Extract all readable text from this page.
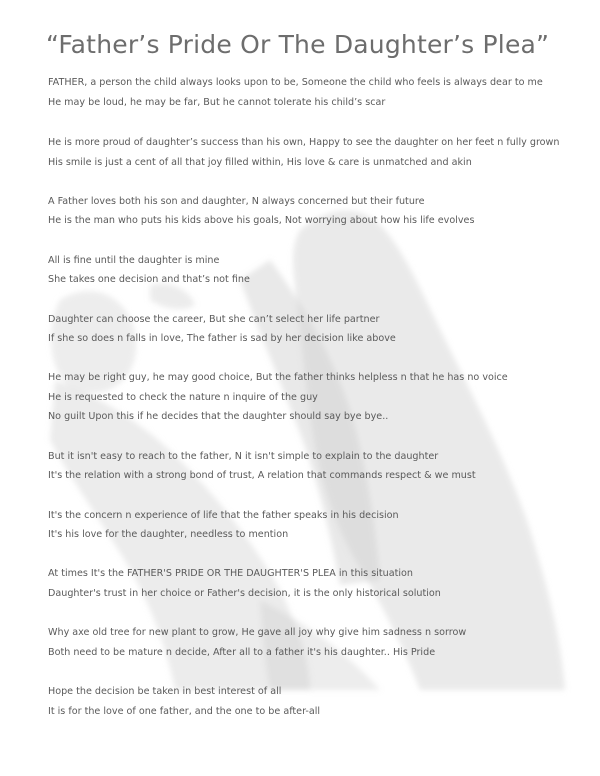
“Father’s Pride Or The Daughter’s Plea”
FATHER, a person the child always looks upon to be, Someone the child who feels is always dear to me
He may be loud, he may be far, But he cannot tolerate his child’s scar
He is more proud of daughter’s success than his own, Happy to see the daughter on her feet n fully grown
His smile is just a cent of all that joy filled within, His love & care is unmatched and akin
A Father loves both his son and daughter, N always concerned but their future
He is the man who puts his kids above his goals, Not worrying about how his life evolves
All is fine until the daughter is mine
She takes one decision and that’s not fine
Daughter can choose the career, But she can’t select her life partner
If she so does n falls in love, The father is sad by her decision like above
He may be right guy, he may good choice, But the father thinks helpless n that he has no voice
He is requested to check the nature n inquire of the guy
No guilt Upon this if he decides that the daughter should say bye bye..
But it isn't easy to reach to the father, N it isn't simple to explain to the daughter
It's the relation with a strong bond of trust, A relation that commands respect & we must
It's the concern n experience of life that the father speaks in his decision
It's his love for the daughter, needless to mention
At times It's the FATHER'S PRIDE OR THE DAUGHTER'S PLEA in this situation
Daughter's trust in her choice or Father's decision, it is the only historical solution
Why axe old tree for new plant to grow, He gave all joy why give him sadness n sorrow
Both need to be mature n decide, After all to a father it's his daughter.. His Pride
Hope the decision be taken in best interest of all
It is for the love of one father, and the one to be after-all
